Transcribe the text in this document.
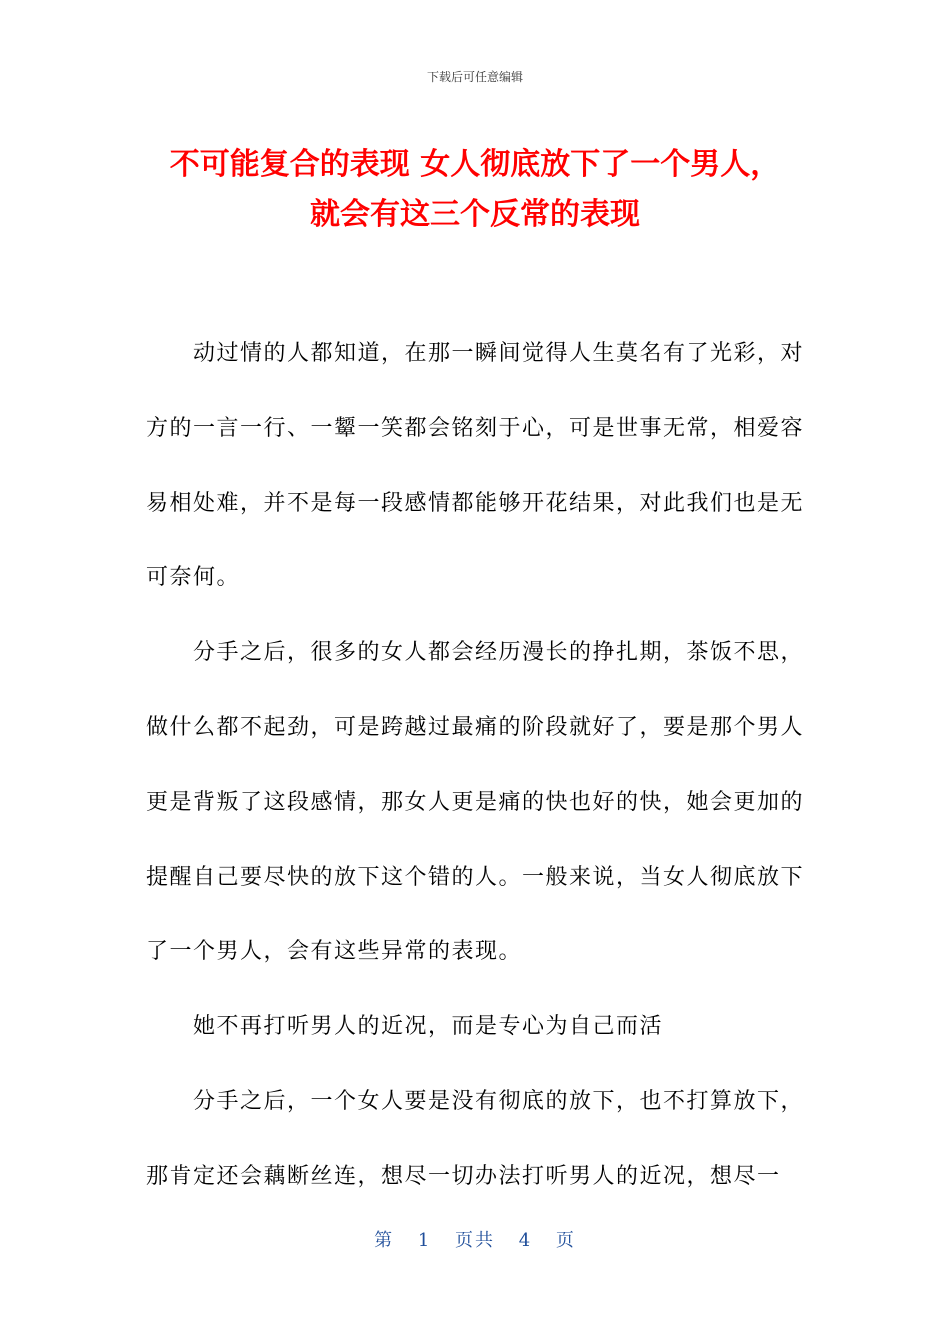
下载后可任意编辑
不可能复合的表现 女人彻底放下了一个男人，
就会有这三个反常的表现

动过情的人都知道，在那一瞬间觉得人生莫名有了光彩，对方的一言一行、一颦一笑都会铭刻于心，可是世事无常，相爱容易相处难，并不是每一段感情都能够开花结果，对此我们也是无可奈何。

分手之后，很多的女人都会经历漫长的挣扎期，茶饭不思，做什么都不起劲，可是跨越过最痛的阶段就好了，要是那个男人更是背叛了这段感情，那女人更是痛的快也好的快，她会更加的提醒自己要尽快的放下这个错的人。一般来说，当女人彻底放下了一个男人，会有这些异常的表现。

她不再打听男人的近况，而是专心为自己而活

分手之后，一个女人要是没有彻底的放下，也不打算放下，那肯定还会藕断丝连，想尽一切办法打听男人的近况，想尽一

第 1 页共 4 页
